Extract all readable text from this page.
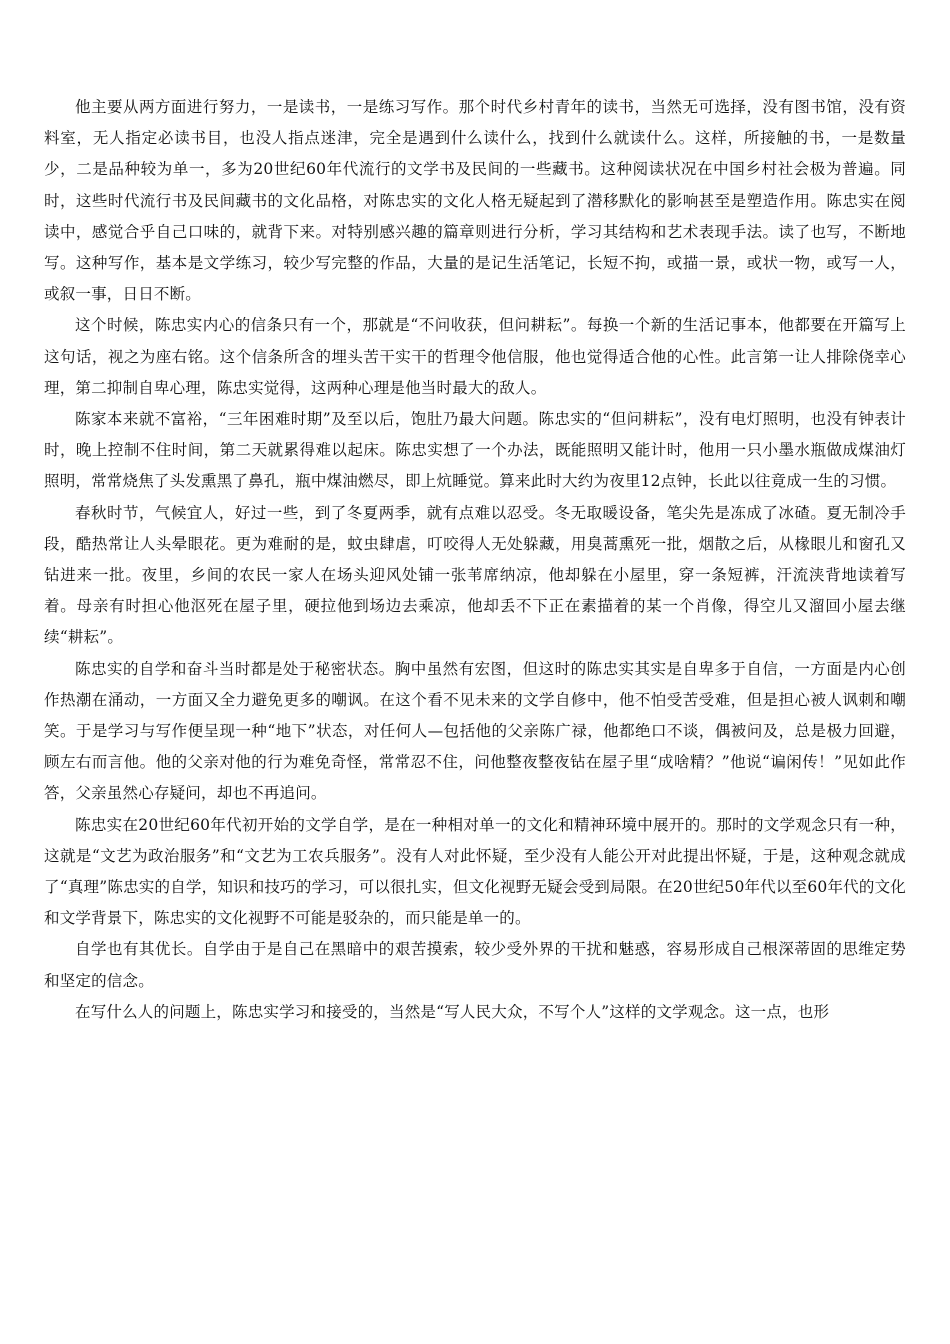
他主要从两方面进行努力，一是读书，一是练习写作。那个时代乡村青年的读书，当然无可选择，没有图书馆，没有资料室，无人指定必读书目，也没人指点迷津，完全是遇到什么读什么，找到什么就读什么。这样，所接触的书，一是数量少，二是品种较为单一，多为20世纪60年代流行的文学书及民间的一些藏书。这种阅读状况在中国乡村社会极为普遍。同时，这些时代流行书及民间藏书的文化品格，对陈忠实的文化人格无疑起到了潜移默化的影响甚至是塑造作用。陈忠实在阅读中，感觉合乎自己口味的，就背下来。对特别感兴趣的篇章则进行分析，学习其结构和艺术表现手法。读了也写，不断地写。这种写作，基本是文学练习，较少写完整的作品，大量的是记生活笔记，长短不拘，或描一景，或状一物，或写一人，或叙一事，日日不断。

这个时候，陈忠实内心的信条只有一个，那就是“不问收获，但问耕耘”。每换一个新的生活记事本，他都要在开篇写上这句话，视之为座右铭。这个信条所含的埋头苦干实干的哲理令他信服，他也觉得适合他的心性。此言第一让人排除侥幸心理，第二抑制自卑心理，陈忠实觉得，这两种心理是他当时最大的敌人。

陈家本来就不富裕，“三年困难时期”及至以后，饱肚乃最大问题。陈忠实的“但问耕耘”，没有电灯照明，也没有钟表计时，晚上控制不住时间，第二天就累得难以起床。陈忠实想了一个办法，既能照明又能计时，他用一只小墨水瓶做成煤油灯照明，常常烧焦了头发熏黑了鼻孔，瓶中煤油燃尽，即上炕睡觉。算来此时大约为夜里12点钟，长此以往竟成一生的习惯。

春秋时节，气候宜人，好过一些，到了冬夏两季，就有点难以忍受。冬无取暖设备，笔尖先是冻成了冰碴。夏无制冷手段，酷热常让人头晕眼花。更为难耐的是，蚊虫肆虐，叮咬得人无处躲藏，用臭蒿熏死一批，烟散之后，从椽眼儿和窗孔又钻进来一批。夜里，乡间的农民一家人在场头迎风处铺一张苇席纳凉，他却躲在小屋里，穿一条短裤，汗流浃背地读着写着。母亲有时担心他沤死在屋子里，硬拉他到场边去乘凉，他却丢不下正在素描着的某一个肖像，得空儿又溜回小屋去继续“耕耘”。

陈忠实的自学和奋斗当时都是处于秘密状态。胸中虽然有宏图，但这时的陈忠实其实是自卑多于自信，一方面是内心创作热潮在涌动，一方面又全力避免更多的嘲讽。在这个看不见未来的文学自修中，他不怕受苦受难，但是担心被人讽刺和嘲笑。于是学习与写作便呈现一种“地下”状态，对任何人—包括他的父亲陈广禄，他都绝口不谈，偶被问及，总是极力回避，顾左右而言他。他的父亲对他的行为难免奇怪，常常忍不住，问他整夜整夜钻在屋子里“成啥精？”他说“谝闲传！”见如此作答，父亲虽然心存疑问，却也不再追问。

陈忠实在20世纪60年代初开始的文学自学，是在一种相对单一的文化和精神环境中展开的。那时的文学观念只有一种，这就是“文艺为政治服务”和“文艺为工农兵服务”。没有人对此怀疑，至少没有人能公开对此提出怀疑，于是，这种观念就成了“真理”陈忠实的自学，知识和技巧的学习，可以很扎实，但文化视野无疑会受到局限。在20世纪50年代以至60年代的文化和文学背景下，陈忠实的文化视野不可能是驳杂的，而只能是单一的。

自学也有其优长。自学由于是自己在黑暗中的艰苦摸索，较少受外界的干扰和魅惑，容易形成自己根深蒂固的思维定势和坚定的信念。

在写什么人的问题上，陈忠实学习和接受的，当然是“写人民大众，不写个人”这样的文学观念。这一点，也形
